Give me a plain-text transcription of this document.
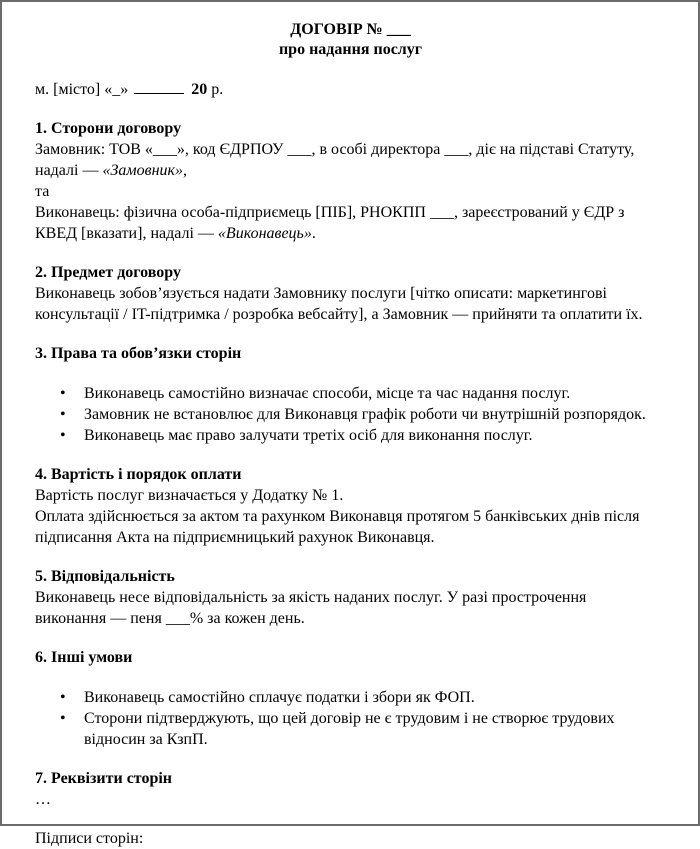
ДОГОВІР № ___
про надання послуг
м. [місто] «_»	20 р.
1. Сторони договору
Замовник: ТОВ «___», код ЄДРПОУ ___, в особі директора ___, діє на підставі Статуту,
надалі — «Замовник»,
та
Виконавець: фізична особа-підприємець [ПІБ], РНОКПП ___, зареєстрований у ЄДР з
КВЕД [вказати], надалі — «Виконавець».
2. Предмет договору
Виконавець зобов’язується надати Замовнику послуги [чітко описати: маркетингові
консультації / IT-підтримка / розробка вебсайту], а Замовник — прийняти та оплатити їх.
3. Права та обов’язки сторін
• Виконавець самостійно визначає способи, місце та час надання послуг.
• Замовник не встановлює для Виконавця графік роботи чи внутрішній розпорядок.
• Виконавець має право залучати третіх осіб для виконання послуг.
4. Вартість і порядок оплати
Вартість послуг визначається у Додатку № 1.
Оплата здійснюється за актом та рахунком Виконавця протягом 5 банківських днів після
підписання Акта на підприємницький рахунок Виконавця.
5. Відповідальність
Виконавець несе відповідальність за якість наданих послуг. У разі прострочення
виконання — пеня ___% за кожен день.
6. Інші умови
• Виконавець самостійно сплачує податки і збори як ФОП.
• Сторони підтверджують, що цей договір не є трудовим і не створює трудових
відносин за КзпП.
7. Реквізити сторін
…
Підписи сторін:
